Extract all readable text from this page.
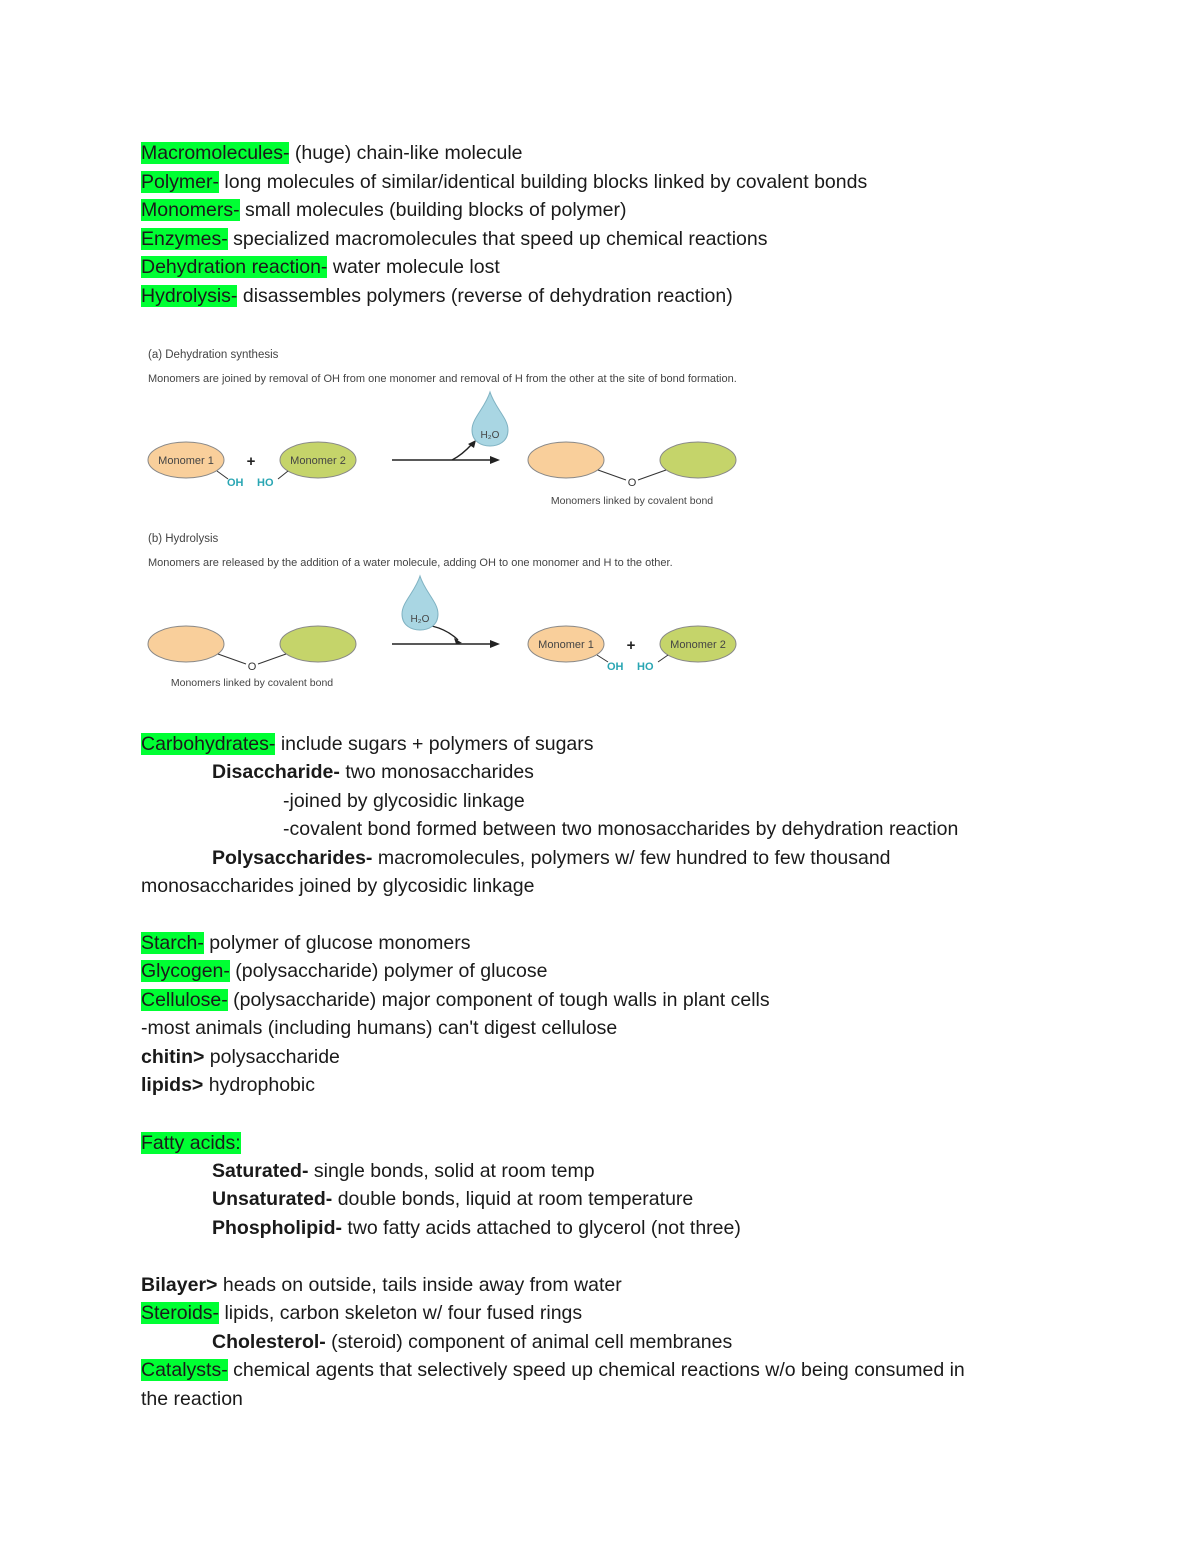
Macromolecules- (huge) chain-like molecule
Polymer- long molecules of similar/identical building blocks linked by covalent bonds
Monomers- small molecules (building blocks of polymer)
Enzymes- specialized macromolecules that speed up chemical reactions
Dehydration reaction- water molecule lost
Hydrolysis- disassembles polymers (reverse of dehydration reaction)
(a) Dehydration synthesis
Monomers are joined by removal of OH from one monomer and removal of H from the other at the site of bond formation.
Monomer 1
OH
+	Monomer 2
HO
H₂O
O
Monomers linked by covalent bond
(b) Hydrolysis
Monomers are released by the addition of a water molecule, adding OH to one monomer and H to the other.
O
Monomers linked by covalent bond
H₂O
Monomer 1
OH
+	Monomer 2
HO
Carbohydrates- include sugars + polymers of sugars
Disaccharide- two monosaccharides
-joined by glycosidic linkage
-covalent bond formed between two monosaccharides by dehydration reaction
Polysaccharides- macromolecules, polymers w/ few hundred to few thousand
monosaccharides joined by glycosidic linkage
Starch- polymer of glucose monomers
Glycogen- (polysaccharide) polymer of glucose
Cellulose- (polysaccharide) major component of tough walls in plant cells
-most animals (including humans) can't digest cellulose
chitin> polysaccharide
lipids> hydrophobic
Fatty acids:
Saturated- single bonds, solid at room temp
Unsaturated- double bonds, liquid at room temperature
Phospholipid- two fatty acids attached to glycerol (not three)
Bilayer> heads on outside, tails inside away from water
Steroids- lipids, carbon skeleton w/ four fused rings
Cholesterol- (steroid) component of animal cell membranes
Catalysts- chemical agents that selectively speed up chemical reactions w/o being consumed in
the reaction
